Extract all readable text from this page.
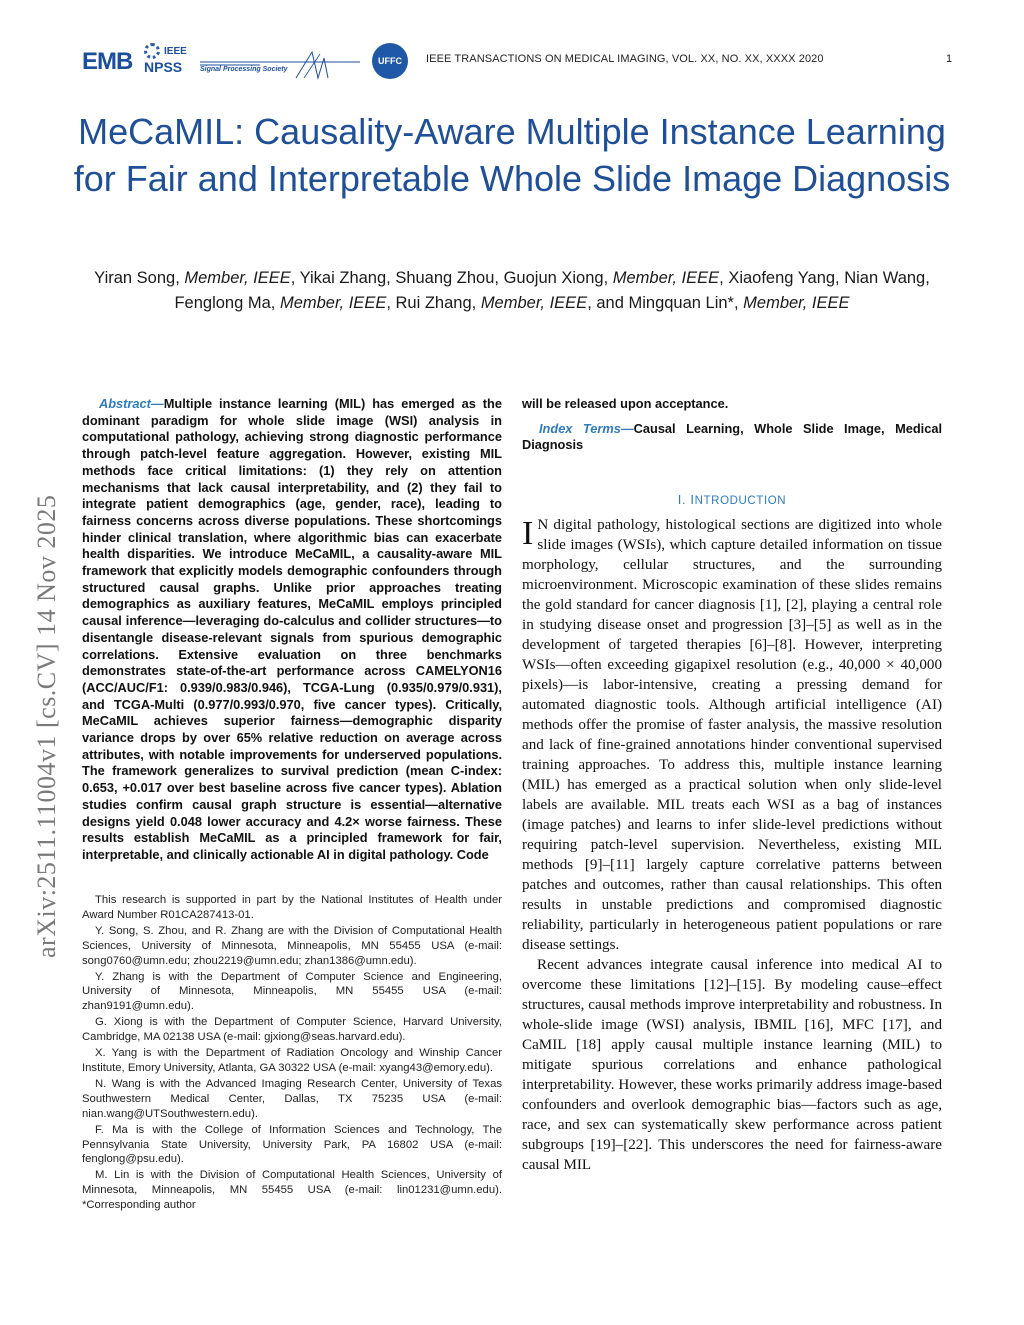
EMB	IEEE
NPSS	Signal Processing Society
UFFC	IEEE TRANSACTIONS ON MEDICAL IMAGING, VOL. XX, NO. XX, XXXX 2020	1
MeCaMIL: Causality-Aware Multiple Instance Learning for Fair and Interpretable Whole Slide Image Diagnosis

Yiran Song, Member, IEEE, Yikai Zhang, Shuang Zhou, Guojun Xiong, Member, IEEE, Xiaofeng Yang, Nian Wang, Fenglong Ma, Member, IEEE, Rui Zhang, Member, IEEE, and Mingquan Lin*, Member, IEEE

arXiv:2511.11004v1 [cs.CV] 14 Nov 2025

Abstract—Multiple instance learning (MIL) has emerged as the dominant paradigm for whole slide image (WSI) analysis in computational pathology, achieving strong diagnostic performance through patch-level feature aggregation. However, existing MIL methods face critical limitations: (1) they rely on attention mechanisms that lack causal interpretability, and (2) they fail to integrate patient demographics (age, gender, race), leading to fairness concerns across diverse populations. These shortcomings hinder clinical translation, where algorithmic bias can exacerbate health disparities. We introduce MeCaMIL, a causality-aware MIL framework that explicitly models demographic confounders through structured causal graphs. Unlike prior approaches treating demographics as auxiliary features, MeCaMIL employs principled causal inference—leveraging do-calculus and collider structures—to disentangle disease-relevant signals from spurious demographic correlations. Extensive evaluation on three benchmarks demonstrates state-of-the-art performance across CAMELYON16 (ACC/AUC/F1: 0.939/0.983/0.946), TCGA-Lung (0.935/0.979/0.931), and TCGA-Multi (0.977/0.993/0.970, five cancer types). Critically, MeCaMIL achieves superior fairness—demographic disparity variance drops by over 65% relative reduction on average across attributes, with notable improvements for underserved populations. The framework generalizes to survival prediction (mean C-index: 0.653, +0.017 over best baseline across five cancer types). Ablation studies confirm causal graph structure is essential—alternative designs yield 0.048 lower accuracy and 4.2× worse fairness. These results establish MeCaMIL as a principled framework for fair, interpretable, and clinically actionable AI in digital pathology. Code

This research is supported in part by the National Institutes of Health under Award Number R01CA287413-01.

Y. Song, S. Zhou, and R. Zhang are with the Division of Computational Health Sciences, University of Minnesota, Minneapolis, MN 55455 USA (e-mail: song0760@umn.edu; zhou2219@umn.edu; zhan1386@umn.edu).

Y. Zhang is with the Department of Computer Science and Engineering, University of Minnesota, Minneapolis, MN 55455 USA (e-mail: zhan9191@umn.edu).

G. Xiong is with the Department of Computer Science, Harvard University, Cambridge, MA 02138 USA (e-mail: gjxiong@seas.harvard.edu).

X. Yang is with the Department of Radiation Oncology and Winship Cancer Institute, Emory University, Atlanta, GA 30322 USA (e-mail: xyang43@emory.edu).

N. Wang is with the Advanced Imaging Research Center, University of Texas Southwestern Medical Center, Dallas, TX 75235 USA (e-mail: nian.wang@UTSouthwestern.edu).

F. Ma is with the College of Information Sciences and Technology, The Pennsylvania State University, University Park, PA 16802 USA (e-mail: fenglong@psu.edu).

M. Lin is with the Division of Computational Health Sciences, University of Minnesota, Minneapolis, MN 55455 USA (e-mail: lin01231@umn.edu). *Corresponding author

will be released upon acceptance.

Index Terms—Causal Learning, Whole Slide Image, Medical Diagnosis

I. INTRODUCTION

I N digital pathology, histological sections are digitized into whole slide images (WSIs), which capture detailed information on tissue morphology, cellular structures, and the surrounding microenvironment. Microscopic examination of these slides remains the gold standard for cancer diagnosis [1], [2], playing a central role in studying disease onset and progression [3]–[5] as well as in the development of targeted therapies [6]–[8]. However, interpreting WSIs—often exceeding gigapixel resolution (e.g., 40,000 × 40,000 pixels)—is labor-intensive, creating a pressing demand for automated diagnostic tools. Although artificial intelligence (AI) methods offer the promise of faster analysis, the massive resolution and lack of fine-grained annotations hinder conventional supervised training approaches. To address this, multiple instance learning (MIL) has emerged as a practical solution when only slide-level labels are available. MIL treats each WSI as a bag of instances (image patches) and learns to infer slide-level predictions without requiring patch-level supervision. Nevertheless, existing MIL methods [9]–[11] largely capture correlative patterns between patches and outcomes, rather than causal relationships. This often results in unstable predictions and compromised diagnostic reliability, particularly in heterogeneous patient populations or rare disease settings.

Recent advances integrate causal inference into medical AI to overcome these limitations [12]–[15]. By modeling cause–effect structures, causal methods improve interpretability and robustness. In whole-slide image (WSI) analysis, IBMIL [16], MFC [17], and CaMIL [18] apply causal multiple instance learning (MIL) to mitigate spurious correlations and enhance pathological interpretability. However, these works primarily address image-based confounders and overlook demographic bias—factors such as age, race, and sex can systematically skew performance across patient subgroups [19]–[22]. This underscores the need for fairness-aware causal MIL
